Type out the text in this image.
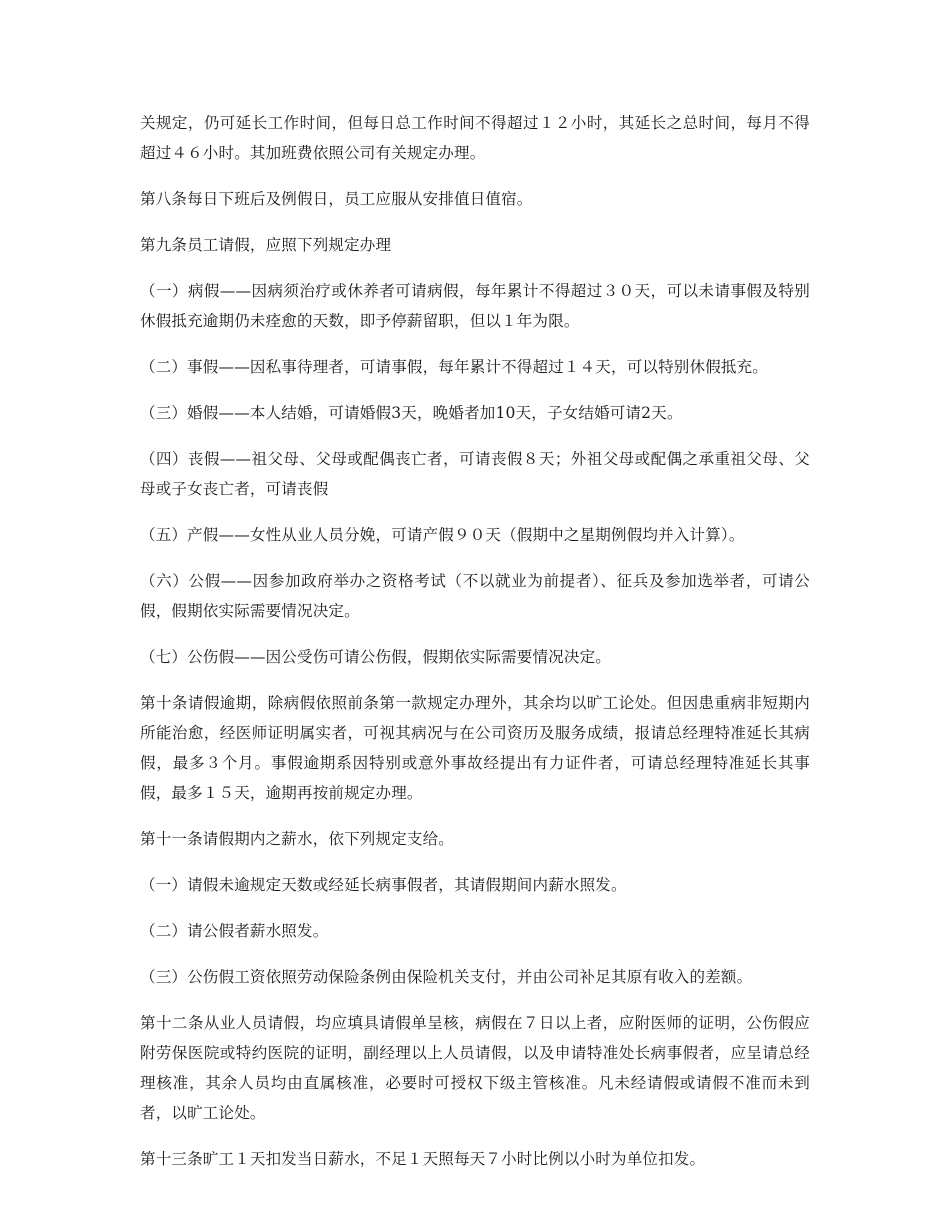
关规定，仍可延长工作时间，但每日总工作时间不得超过１２小时，其延长之总时间，每月不得超过４６小时。其加班费依照公司有关规定办理。

第八条每日下班后及例假日，员工应服从安排值日值宿。

第九条员工请假，应照下列规定办理

（一）病假——因病须治疗或休养者可请病假，每年累计不得超过３０天，可以未请事假及特别休假抵充逾期仍未痊愈的天数，即予停薪留职，但以１年为限。

（二）事假——因私事待理者，可请事假，每年累计不得超过１４天，可以特别休假抵充。

（三）婚假——本人结婚，可请婚假3天，晚婚者加10天，子女结婚可请2天。

（四）丧假——祖父母、父母或配偶丧亡者，可请丧假８天；外祖父母或配偶之承重祖父母、父母或子女丧亡者，可请丧假

（五）产假——女性从业人员分娩，可请产假９０天（假期中之星期例假均并入计算）。

（六）公假——因参加政府举办之资格考试（不以就业为前提者）、征兵及参加选举者，可请公假，假期依实际需要情况决定。

（七）公伤假——因公受伤可请公伤假，假期依实际需要情况决定。

第十条请假逾期，除病假依照前条第一款规定办理外，其余均以旷工论处。但因患重病非短期内所能治愈，经医师证明属实者，可视其病况与在公司资历及服务成绩，报请总经理特准延长其病假，最多３个月。事假逾期系因特别或意外事故经提出有力证件者，可请总经理特准延长其事假，最多１５天，逾期再按前规定办理。

第十一条请假期内之薪水，依下列规定支给。

（一）请假未逾规定天数或经延长病事假者，其请假期间内薪水照发。

（二）请公假者薪水照发。

（三）公伤假工资依照劳动保险条例由保险机关支付，并由公司补足其原有收入的差额。

第十二条从业人员请假，均应填具请假单呈核，病假在７日以上者，应附医师的证明，公伤假应附劳保医院或特约医院的证明，副经理以上人员请假，以及申请特准处长病事假者，应呈请总经理核准，其余人员均由直属核准，必要时可授权下级主管核准。凡未经请假或请假不准而未到者，以旷工论处。

第十三条旷工１天扣发当日薪水，不足１天照每天７小时比例以小时为单位扣发。
